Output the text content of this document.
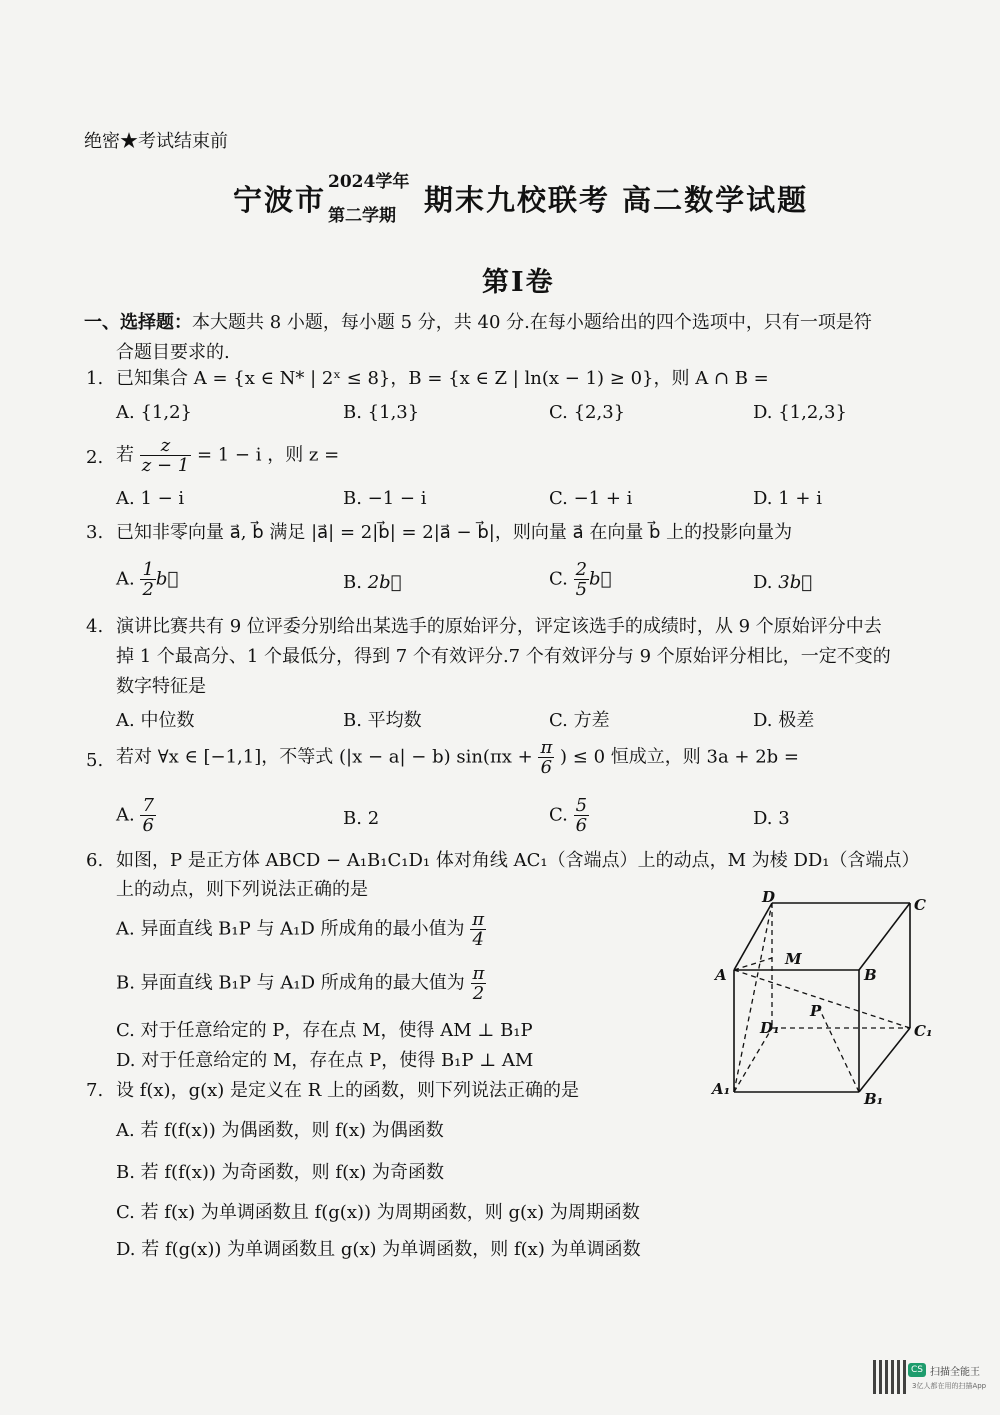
绝密★考试结束前
宁波市
2024学年
第二学期 期末九校联考 高二数学试题
第I卷
一、选择题：本大题共 8 小题，每小题 5 分，共 40 分.在每小题给出的四个选项中，只有一项是符
合题目要求的.
1. 已知集合 A = {x ∈ N* | 2ˣ ≤ 8}，B = {x ∈ Z | ln(x − 1) ≥ 0}，则 A ∩ B =
A. {1,2}	B. {1,3}	C. {2,3}	D. {1,2,3}
2. 若 $\frac{z}{z - 1} = 1 - i$ ，则 z =
A. 1 − i	B. −1 − i	C. −1 + i	D. 1 + i
3. 已知非零向量 a⃗, b⃗ 满足 |a⃗| = 2|b⃗| = 2|a⃗ − b⃗|，则向量 a⃗ 在向量 b⃗ 上的投影向量为
A. $\frac{1}{2}$ b⃗	B. 2b⃗	C. $\frac{2}{5}$ b⃗	D. 3b⃗
4. 演讲比赛共有 9 位评委分别给出某选手的原始评分，评定该选手的成绩时，从 9 个原始评分中去
掉 1 个最高分、1 个最低分，得到 7 个有效评分.7 个有效评分与 9 个原始评分相比，一定不变的
数字特征是
A. 中位数	B. 平均数	C. 方差	D. 极差
5. 若对 ∀x ∈ [−1,1]，不等式 (|x − a| − b) $\sin(\pi x + \frac{\pi}{6}$ ) ≤ 0 恒成立，则 3a + 2b =
A. $\frac{7}{6}$	B. 2	C. $\frac{5}{6}$	D. 3
6. 如图，P 是正方体 ABCD − A₁B₁C₁D₁ 体对角线 AC₁（含端点）上的动点，M 为棱 DD₁（含端点）
上的动点，则下列说法正确的是
A. 异面直线 B₁P 与 A₁D 所成角的最小值为 $\frac{\pi}{4}$
B. 异面直线 B₁P 与 A₁D 所成角的最大值为 $\frac{\pi}{2}$
C. 对于任意给定的 P，存在点 M，使得 AM ⊥ B₁P
D. 对于任意给定的 M，存在点 P，使得 B₁P ⊥ AM
D	C
M
A	B
P
D₁	C₁
A₁
B₁
7. 设 f(x)，g(x) 是定义在 R 上的函数，则下列说法正确的是
A. 若 f(f(x)) 为偶函数，则 f(x) 为偶函数
B. 若 f(f(x)) 为奇函数，则 f(x) 为奇函数
C. 若 f(x) 为单调函数且 f(g(x)) 为周期函数，则 g(x) 为周期函数
D. 若 f(g(x)) 为单调函数且 g(x) 为单调函数，则 f(x) 为单调函数
CS 扫描全能王
3亿人都在用的扫描App
